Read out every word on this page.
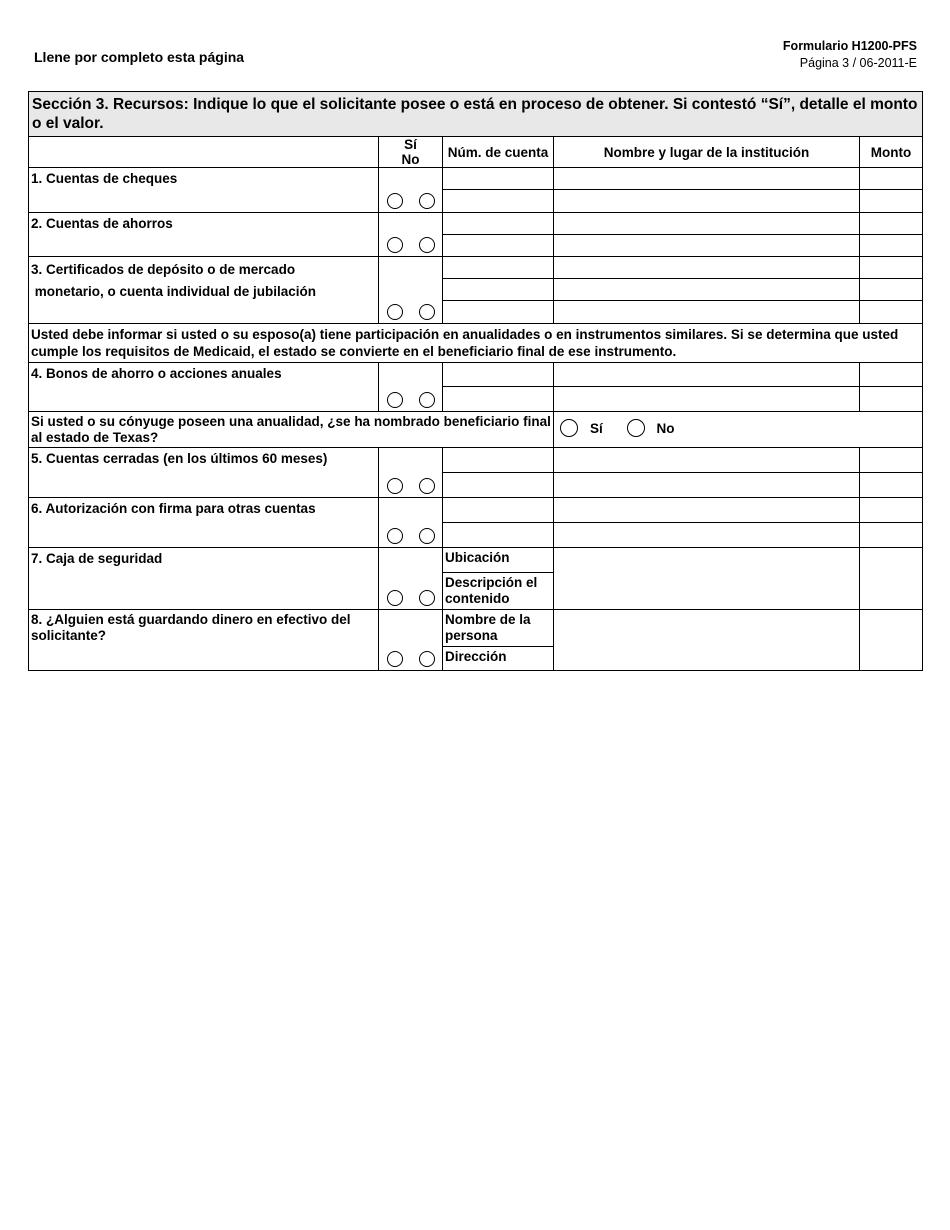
Llene por completo esta página
Formulario H1200-PFS
Página 3 / 06-2011-E
Sección 3. Recursos: Indique lo que el solicitante posee o está en proceso de obtener. Si contestó “Sí”, detalle el monto o el valor.				
	SíNo	Núm. de cuenta	Nombre y lugar de la institución	Monto
1. Cuentas de cheques	

2. Cuentas de ahorros	

3. Certificados de depósito o de mercado
monetario, o cuenta individual de jubilación				

Usted debe informar si usted o su esposo(a) tiene participación en anualidades o en instrumentos similares. Si se determina que usted cumple los requisitos de Medicaid, el estado se convierte en el beneficiario final de ese instrumento.				
4. Bonos de ahorro o acciones anuales	

Si usted o su cónyuge poseen una anualidad, ¿se ha nombrado beneficiario final al estado de Texas?			Sí
No	

5. Cuentas cerradas (en los últimos 60 meses)	

6. Autorización con firma para otras cuentas	

7. Caja de seguridad		Ubicación		
		Descripción el contenido		
8. ¿Alguien está guardando dinero en efectivo del solicitante?		Nombre de la persona		
		Dirección		
